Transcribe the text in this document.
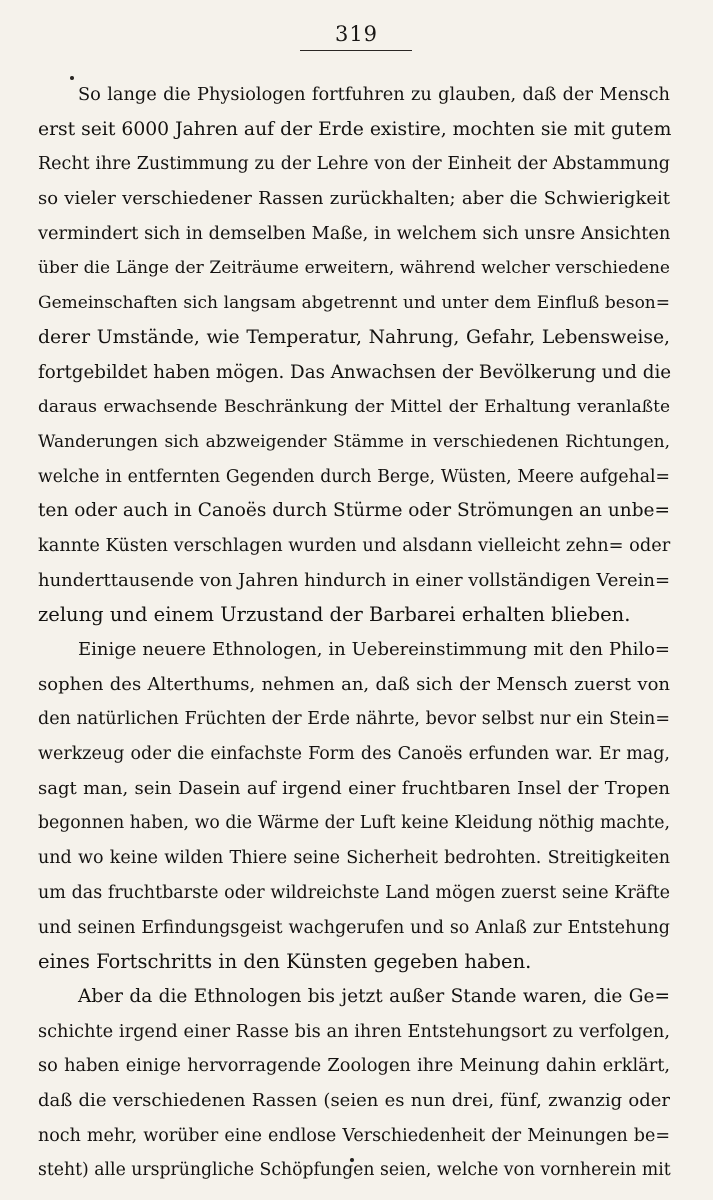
319
So lange die Physiologen fortfuhren zu glauben, daß der Mensch
erst seit 6000 Jahren auf der Erde existire, mochten sie mit gutem
Recht ihre Zustimmung zu der Lehre von der Einheit der Abstammung
so vieler verschiedener Rassen zurückhalten; aber die Schwierigkeit
vermindert sich in demselben Maße, in welchem sich unsre Ansichten
über die Länge der Zeiträume erweitern, während welcher verschiedene
Gemeinschaften sich langsam abgetrennt und unter dem Einfluß beson=
derer Umstände, wie Temperatur, Nahrung, Gefahr, Lebensweise,
fortgebildet haben mögen. Das Anwachsen der Bevölkerung und die
daraus erwachsende Beschränkung der Mittel der Erhaltung veranlaßte
Wanderungen sich abzweigender Stämme in verschiedenen Richtungen,
welche in entfernten Gegenden durch Berge, Wüsten, Meere aufgehal=
ten oder auch in Canoës durch Stürme oder Strömungen an unbe=
kannte Küsten verschlagen wurden und alsdann vielleicht zehn= oder
hunderttausende von Jahren hindurch in einer vollständigen Verein=
zelung und einem Urzustand der Barbarei erhalten blieben.
Einige neuere Ethnologen, in Uebereinstimmung mit den Philo=
sophen des Alterthums, nehmen an, daß sich der Mensch zuerst von
den natürlichen Früchten der Erde nährte, bevor selbst nur ein Stein=
werkzeug oder die einfachste Form des Canoës erfunden war. Er mag,
sagt man, sein Dasein auf irgend einer fruchtbaren Insel der Tropen
begonnen haben, wo die Wärme der Luft keine Kleidung nöthig machte,
und wo keine wilden Thiere seine Sicherheit bedrohten. Streitigkeiten
um das fruchtbarste oder wildreichste Land mögen zuerst seine Kräfte
und seinen Erfindungsgeist wachgerufen und so Anlaß zur Entstehung
eines Fortschritts in den Künsten gegeben haben.
Aber da die Ethnologen bis jetzt außer Stande waren, die Ge=
schichte irgend einer Rasse bis an ihren Entstehungsort zu verfolgen,
so haben einige hervorragende Zoologen ihre Meinung dahin erklärt,
daß die verschiedenen Rassen (seien es nun drei, fünf, zwanzig oder
noch mehr, worüber eine endlose Verschiedenheit der Meinungen be=
steht) alle ursprüngliche Schöpfungen seien, welche von vornherein mit
